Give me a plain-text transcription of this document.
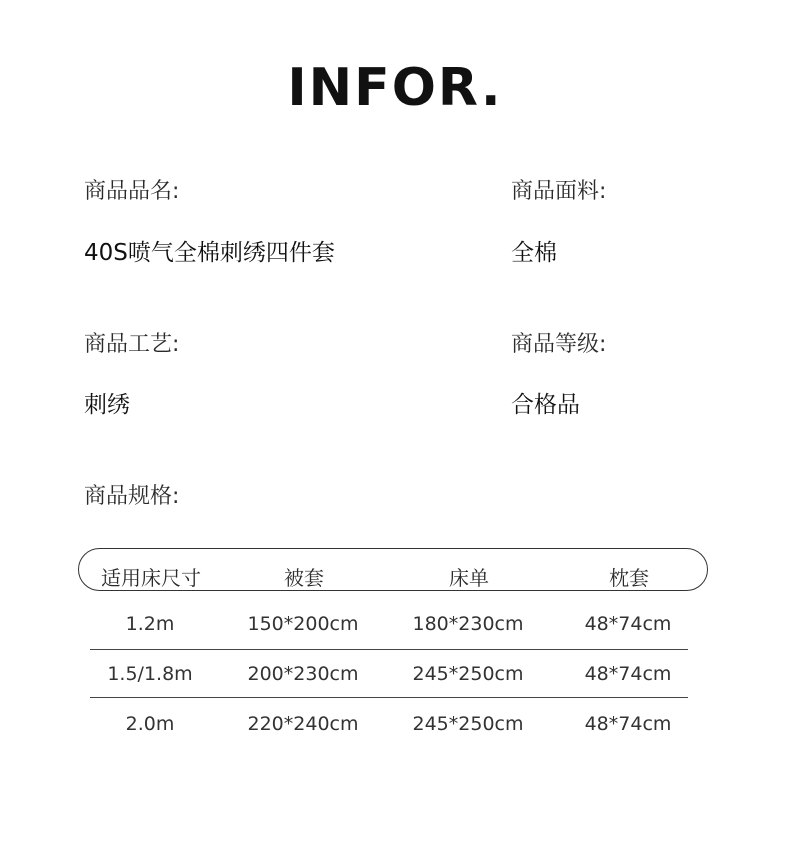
INFOR.
商品品名:
40S喷气全棉刺绣四件套
商品面料:
全棉
商品工艺:
刺绣
商品等级:
合格品
商品规格:
适用床尺寸	被套	床单	枕套
1.2m	150*200cm	180*230cm	48*74cm
1.5/1.8m	200*230cm	245*250cm	48*74cm
2.0m	220*240cm	245*250cm	48*74cm
